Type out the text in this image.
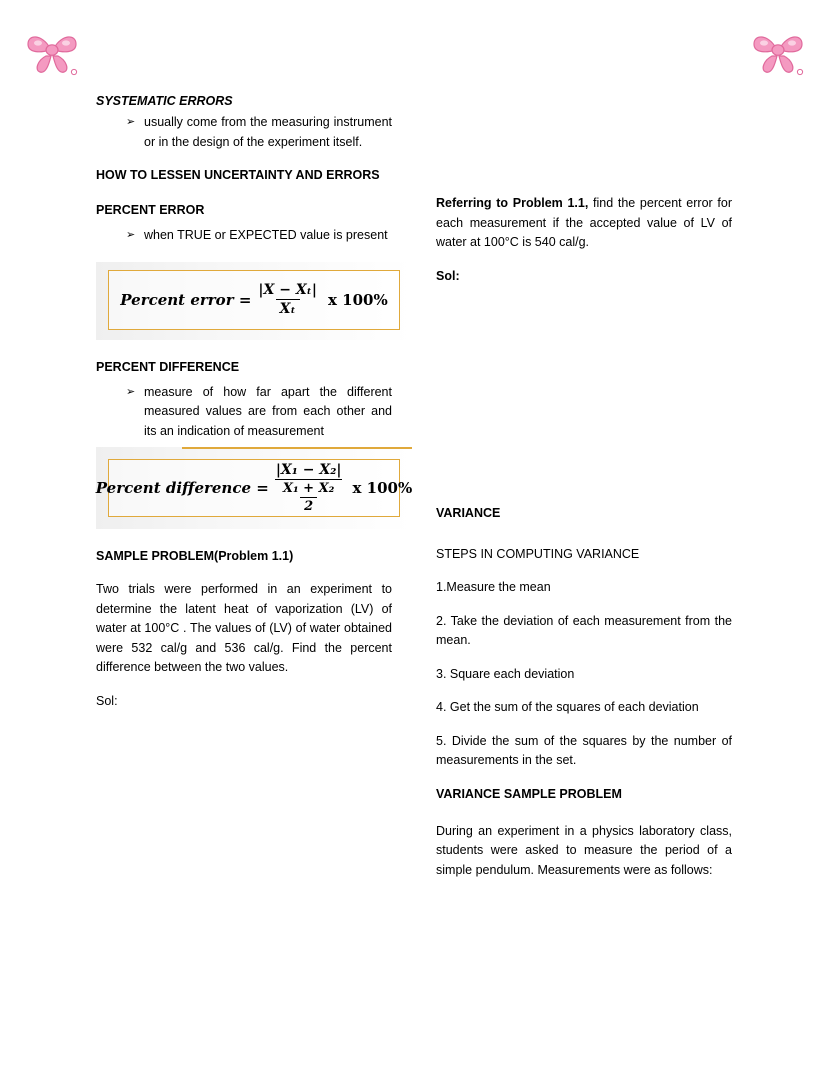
SYSTEMATIC ERRORS
➢ usually come from the measuring instrument or in the design of the experiment itself.
HOW TO LESSEN UNCERTAINTY AND ERRORS
PERCENT ERROR
➢ when TRUE or EXPECTED value is present
Percent error = $\frac{\text{|X − Xₜ|}}{\text{Xₜ}}$ x 100%
PERCENT DIFFERENCE
➢ measure of how far apart the different measured values are from each other and its an indication of measurement
Percent difference = $\frac{\text{|X₁ − X₂|}}{\frac{\text{X₁ + X₂}}{2}}$ x 100%
SAMPLE PROBLEM(Problem 1.1)

Two trials were performed in an experiment to determine the latent heat of vaporization (LV) of water at 100°C . The values of (LV) of water obtained were 532 cal/g and 536 cal/g. Find the percent difference between the two values.

Sol:

Referring to Problem 1.1, find the percent error for each measurement if the accepted value of LV of water at 100°C is 540 cal/g.

Sol:
VARIANCE

STEPS IN COMPUTING VARIANCE

1.Measure the mean

2. Take the deviation of each measurement from the mean.

3. Square each deviation

4. Get the sum of the squares of each deviation

5. Divide the sum of the squares by the number of measurements in the set.

VARIANCE SAMPLE PROBLEM

During an experiment in a physics laboratory class, students were asked to measure the period of a simple pendulum. Measurements were as follows:
